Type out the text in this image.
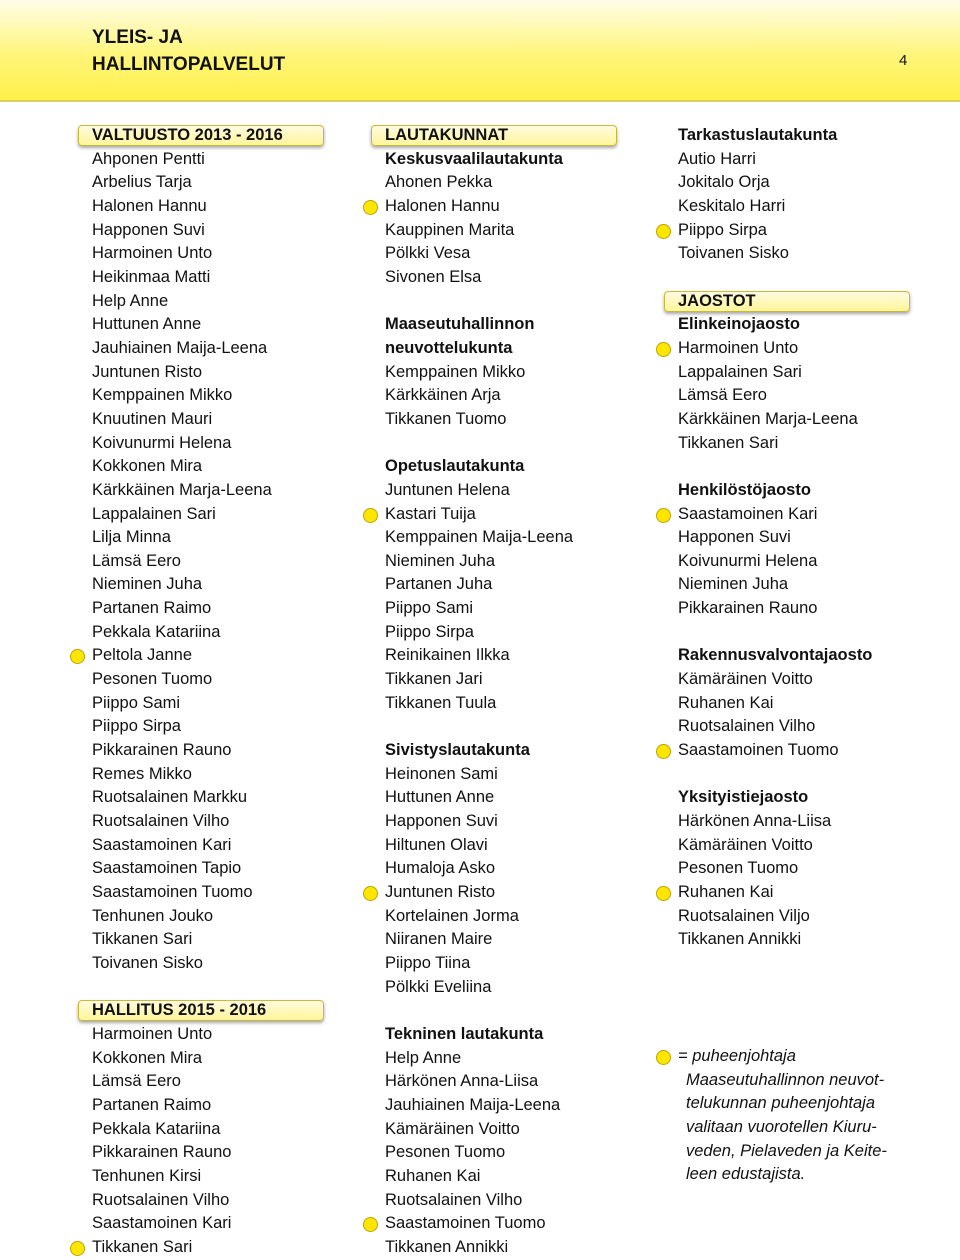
YLEIS- JA
HALLINTOPALVELUT	4
VALTUUSTO 2013 - 2016
Ahponen Pentti
Arbelius Tarja
Halonen Hannu
Happonen Suvi
Harmoinen Unto
Heikinmaa Matti
Help Anne
Huttunen Anne
Jauhiainen Maija-Leena
Juntunen Risto
Kemppainen Mikko
Knuutinen Mauri
Koivunurmi Helena
Kokkonen Mira
Kärkkäinen Marja-Leena
Lappalainen Sari
Lilja Minna
Lämsä Eero
Nieminen Juha
Partanen Raimo
Pekkala Katariina
Peltola Janne
Pesonen Tuomo
Piippo Sami
Piippo Sirpa
Pikkarainen Rauno
Remes Mikko
Ruotsalainen Markku
Ruotsalainen Vilho
Saastamoinen Kari
Saastamoinen Tapio
Saastamoinen Tuomo
Tenhunen Jouko
Tikkanen Sari
Toivanen Sisko
HALLITUS 2015 - 2016
Harmoinen Unto
Kokkonen Mira
Lämsä Eero
Partanen Raimo
Pekkala Katariina
Pikkarainen Rauno
Tenhunen Kirsi
Ruotsalainen Vilho
Saastamoinen Kari
Tikkanen Sari
LAUTAKUNNAT
Keskusvaalilautakunta
Ahonen Pekka
Halonen Hannu
Kauppinen Marita
Pölkki Vesa
Sivonen Elsa
Maaseutuhallinnon
neuvottelukunta
Kemppainen Mikko
Kärkkäinen Arja
Tikkanen Tuomo
Opetuslautakunta
Juntunen Helena
Kastari Tuija
Kemppainen Maija-Leena
Nieminen Juha
Partanen Juha
Piippo Sami
Piippo Sirpa
Reinikainen Ilkka
Tikkanen Jari
Tikkanen Tuula
Sivistyslautakunta
Heinonen Sami
Huttunen Anne
Happonen Suvi
Hiltunen Olavi
Humaloja Asko
Juntunen Risto
Kortelainen Jorma
Niiranen Maire
Piippo Tiina
Pölkki Eveliina
Tekninen lautakunta
Help Anne
Härkönen Anna-Liisa
Jauhiainen Maija-Leena
Kämäräinen Voitto
Pesonen Tuomo
Ruhanen Kai
Ruotsalainen Vilho
Saastamoinen Tuomo
Tikkanen Annikki
Tarkastuslautakunta
Autio Harri
Jokitalo Orja
Keskitalo Harri
Piippo Sirpa
Toivanen Sisko
JAOSTOT
Elinkeinojaosto
Harmoinen Unto
Lappalainen Sari
Lämsä Eero
Kärkkäinen Marja-Leena
Tikkanen Sari
Henkilöstöjaosto
Saastamoinen Kari
Happonen Suvi
Koivunurmi Helena
Nieminen Juha
Pikkarainen Rauno
Rakennusvalvontajaosto
Kämäräinen Voitto
Ruhanen Kai
Ruotsalainen Vilho
Saastamoinen Tuomo
Yksityistiejaosto
Härkönen Anna-Liisa
Kämäräinen Voitto
Pesonen Tuomo
Ruhanen Kai
Ruotsalainen Viljo
Tikkanen Annikki
= puheenjohtaja
Maaseutuhallinnon neuvot-
telukunnan puheenjohtaja
valitaan vuorotellen Kiuru-
veden, Pielaveden ja Keite-
leen edustajista.
